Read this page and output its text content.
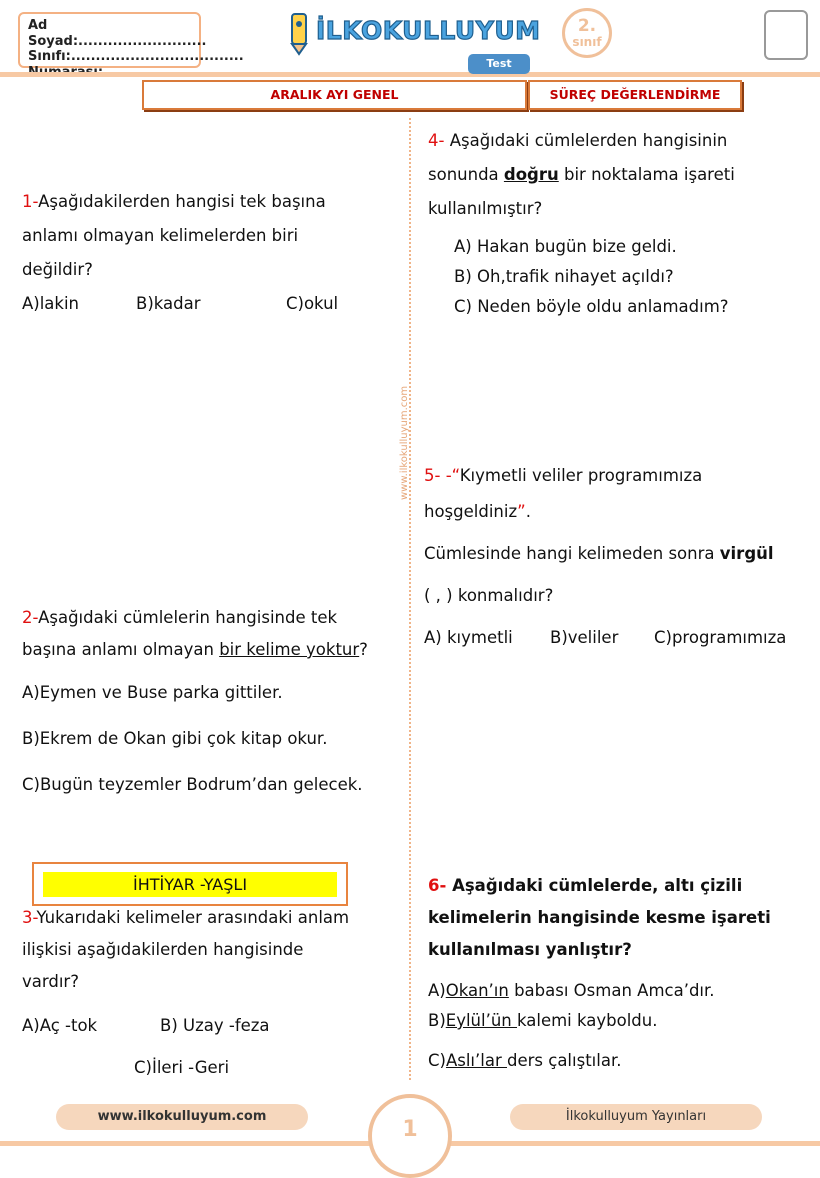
Ad Soyad:..........................
Sınıfı:...................................
İLKOKULLUYUM
Test
2.
sınıf
ARALIK AYI GENEL	SÜREÇ DEĞERLENDİRME
www.ilkokulluyum.com
1-Aşağıdakilerden hangisi tek başına
anlamı olmayan kelimelerden biri
değildir?
A)lakin	B)kadar	C)okul
2-Aşağıdaki cümlelerin hangisinde tek
başına anlamı olmayan bir kelime yoktur?
A)Eymen ve Buse parka gittiler.
B)Ekrem de Okan gibi çok kitap okur.
C)Bugün teyzemler Bodrum’dan gelecek.
İHTİYAR -YAŞLI
3-Yukarıdaki kelimeler arasındaki anlam
ilişkisi aşağıdakilerden hangisinde
vardır?
A)Aç -tok	B) Uzay -feza
C)İleri -Geri
4- Aşağıdaki cümlelerden hangisinin
sonunda doğru bir noktalama işareti
kullanılmıştır?
A) Hakan bugün bize geldi.
B) Oh,trafik nihayet açıldı?
C) Neden böyle oldu anlamadım?
5- -“Kıymetli veliler programımıza
hoşgeldiniz”.
Cümlesinde hangi kelimeden sonra virgül
( , ) konmalıdır?
A) kıymetli B)veliler C)programımıza
6- Aşağıdaki cümlelerde, altı çizili
kelimelerin hangisinde kesme işareti
kullanılması yanlıştır?
A)Okan’ın babası Osman Amca’dır.
B)Eylül’ün kalemi kayboldu.
C)Aslı’lar ders çalıştılar.
www.ilkokulluyum.com	İlkokulluyum Yayınları
1
